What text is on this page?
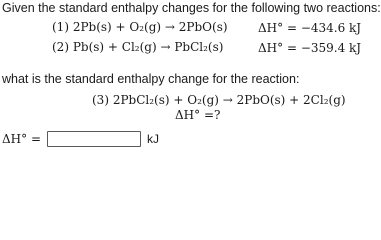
Given the standard enthalpy changes for the following two reactions:
(1) 2Pb(s) + O₂(g) → 2PbO(s)	ΔH° = −434.6 kJ
(2) Pb(s) + Cl₂(g) → PbCl₂(s)	ΔH° = −359.4 kJ
what is the standard enthalpy change for the reaction:
(3) 2PbCl₂(s) + O₂(g) → 2PbO(s) + 2Cl₂(g)
ΔH° =?
ΔH° =	kJ
